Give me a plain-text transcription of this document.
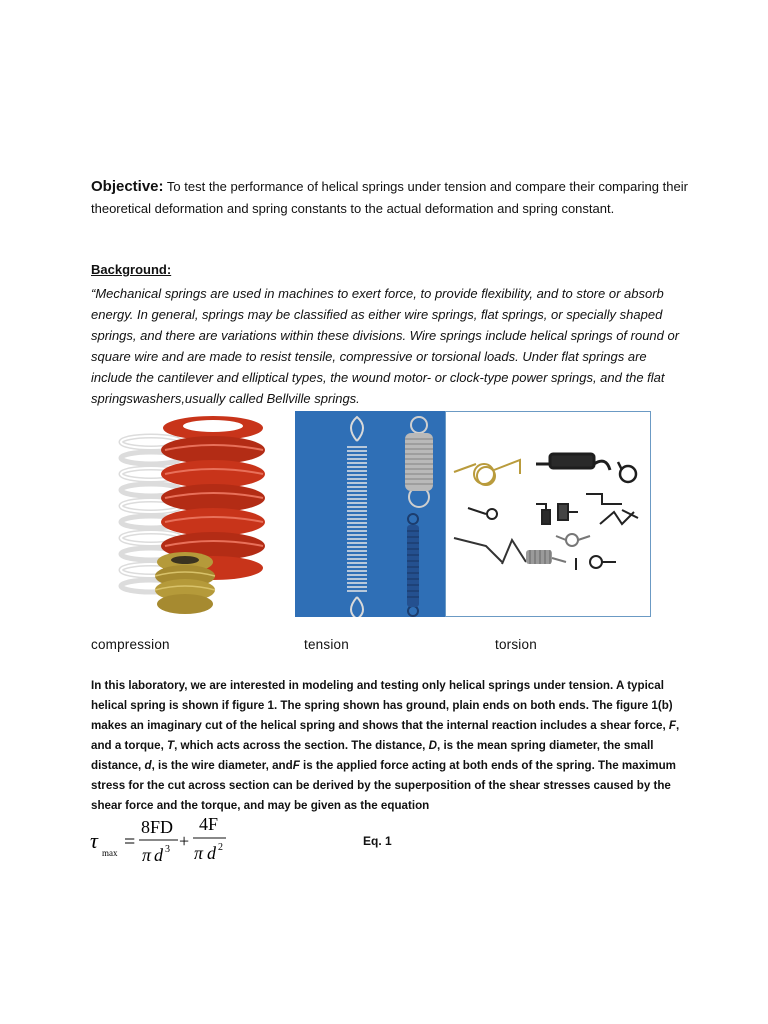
Objective: To test the performance of helical springs under tension and compare their comparing their theoretical deformation and spring constants to the actual deformation and spring constant.
Background:
“Mechanical springs are used in machines to exert force, to provide flexibility, and to store or absorb energy. In general, springs may be classified as either wire springs, flat springs, or specially shaped springs, and there are variations within these divisions. Wire springs include helical springs of round or square wire and are made to resist tensile, compressive or torsional loads. Under flat springs are include the cantilever and elliptical types, the wound motor- or clock-type power springs, and the flat springswashers,usually called Bellville springs.
compression	tension	torsion
In this laboratory, we are interested in modeling and testing only helical springs under tension. A typical helical spring is shown if figure 1. The spring shown has ground, plain ends on both ends. The figure 1(b) makes an imaginary cut of the helical spring and shows that the internal reaction includes a shear force, F, and a torque, T, which acts across the section. The distance, D, is the mean spring diameter, the small distance, d, is the wire diameter, andF is the applied force acting at both ends of the spring. The maximum stress for the cut across section can be derived by the superposition of the shear stresses caused by the shear force and the torque, and may be given as the equation
τ max =
8FD
π d 3 +
4F
π d 2	Eq. 1
